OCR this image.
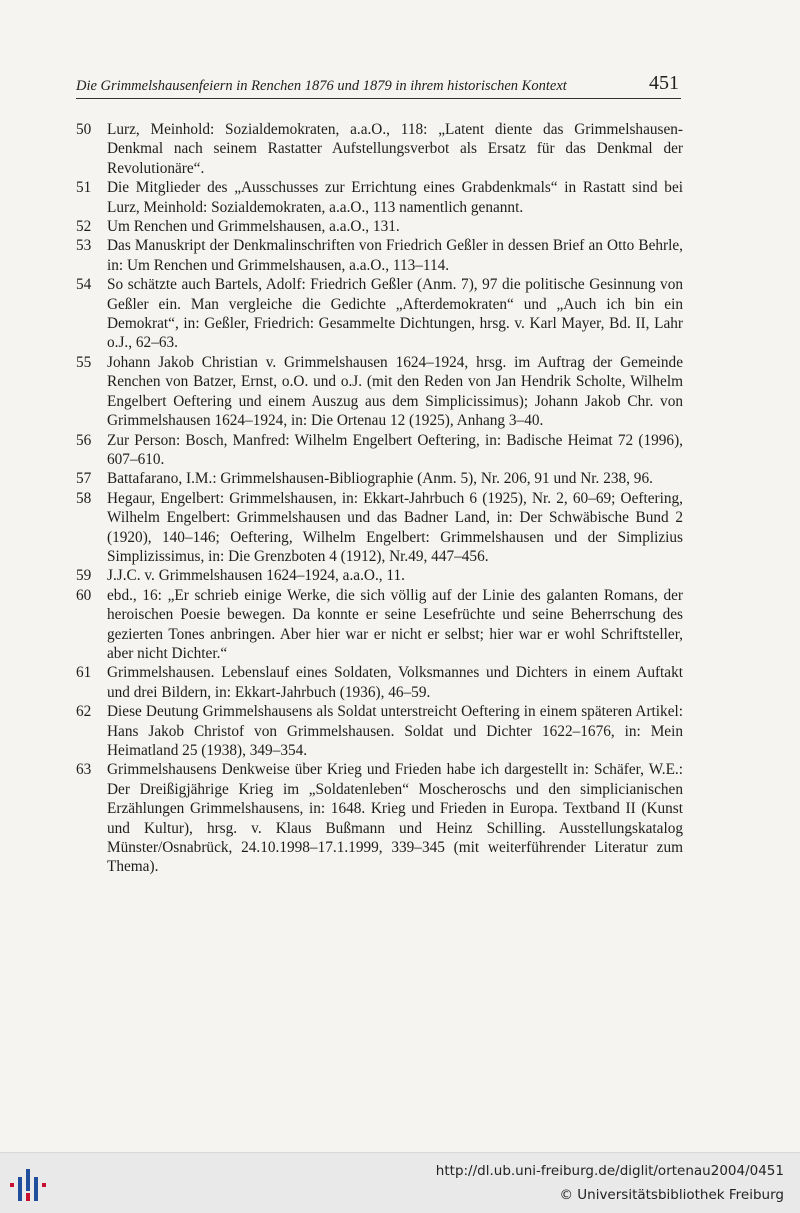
Die Grimmelshausenfeiern in Renchen 1876 und 1879 in ihrem historischen Kontext	451

50 Lurz, Meinhold: Sozialdemokraten, a.a.O., 118: „Latent diente das Grimmelshausen-Denkmal nach seinem Rastatter Aufstellungsverbot als Ersatz für das Denkmal der Revolutionäre“.

51 Die Mitglieder des „Ausschusses zur Errichtung eines Grabdenkmals“ in Rastatt sind bei Lurz, Meinhold: Sozialdemokraten, a.a.O., 113 namentlich genannt.

52 Um Renchen und Grimmelshausen, a.a.O., 131.

53 Das Manuskript der Denkmalinschriften von Friedrich Geßler in dessen Brief an Otto Behrle, in: Um Renchen und Grimmelshausen, a.a.O., 113–114.

54 So schätzte auch Bartels, Adolf: Friedrich Geßler (Anm. 7), 97 die politische Gesinnung von Geßler ein. Man vergleiche die Gedichte „Afterdemokraten“ und „Auch ich bin ein Demokrat“, in: Geßler, Friedrich: Gesammelte Dichtungen, hrsg. v. Karl Mayer, Bd. II, Lahr o.J., 62–63.

55 Johann Jakob Christian v. Grimmelshausen 1624–1924, hrsg. im Auftrag der Gemeinde Renchen von Batzer, Ernst, o.O. und o.J. (mit den Reden von Jan Hendrik Scholte, Wilhelm Engelbert Oeftering und einem Auszug aus dem Simplicissimus); Johann Jakob Chr. von Grimmelshausen 1624–1924, in: Die Ortenau 12 (1925), Anhang 3–40.

56 Zur Person: Bosch, Manfred: Wilhelm Engelbert Oeftering, in: Badische Heimat 72 (1996), 607–610.

57 Battafarano, I.M.: Grimmelshausen-Bibliographie (Anm. 5), Nr. 206, 91 und Nr. 238, 96.

58 Hegaur, Engelbert: Grimmelshausen, in: Ekkart-Jahrbuch 6 (1925), Nr. 2, 60–69; Oeftering, Wilhelm Engelbert: Grimmelshausen und das Badner Land, in: Der Schwäbische Bund 2 (1920), 140–146; Oeftering, Wilhelm Engelbert: Grimmelshausen und der Simplizius Simplizissimus, in: Die Grenzboten 4 (1912), Nr.49, 447–456.

59 J.J.C. v. Grimmelshausen 1624–1924, a.a.O., 11.

60 ebd., 16: „Er schrieb einige Werke, die sich völlig auf der Linie des galanten Romans, der heroischen Poesie bewegen. Da konnte er seine Lesefrüchte und seine Beherrschung des gezierten Tones anbringen. Aber hier war er nicht er selbst; hier war er wohl Schriftsteller, aber nicht Dichter.“

61 Grimmelshausen. Lebenslauf eines Soldaten, Volksmannes und Dichters in einem Auftakt und drei Bildern, in: Ekkart-Jahrbuch (1936), 46–59.

62 Diese Deutung Grimmelshausens als Soldat unterstreicht Oeftering in einem späteren Artikel: Hans Jakob Christof von Grimmelshausen. Soldat und Dichter 1622–1676, in: Mein Heimatland 25 (1938), 349–354.

63 Grimmelshausens Denkweise über Krieg und Frieden habe ich dargestellt in: Schäfer, W.E.: Der Dreißigjährige Krieg im „Soldatenleben“ Moscheroschs und den simplicianischen Erzählungen Grimmelshausens, in: 1648. Krieg und Frieden in Europa. Textband II (Kunst und Kultur), hrsg. v. Klaus Bußmann und Heinz Schilling. Ausstellungskatalog Münster/Osnabrück, 24.10.1998–17.1.1999, 339–345 (mit weiterführender Literatur zum Thema).

http://dl.ub.uni-freiburg.de/diglit/ortenau2004/0451
© Universitätsbibliothek Freiburg
